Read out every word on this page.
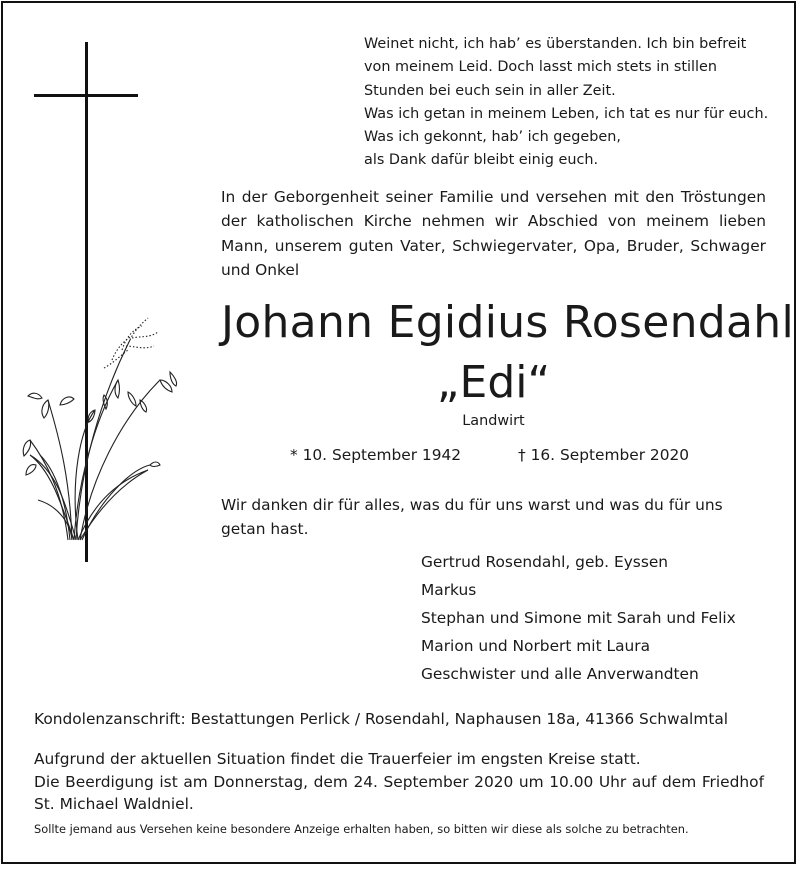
Weinet nicht, ich hab’ es überstanden. Ich bin befreit
von meinem Leid. Doch lasst mich stets in stillen
Stunden bei euch sein in aller Zeit.
Was ich getan in meinem Leben, ich tat es nur für euch.
Was ich gekonnt, hab’ ich gegeben,
als Dank dafür bleibt einig euch.
In der Geborgenheit seiner Familie und versehen mit den Tröstungen der katholischen Kirche nehmen wir Abschied von meinem lieben Mann, unserem guten Vater, Schwiegervater, Opa, Bruder, Schwager und Onkel
Johann Egidius Rosendahl
„Edi“
Landwirt
* 10. September 1942	† 16. September 2020
Wir danken dir für alles, was du für uns warst und was du für uns getan hast.
Gertrud Rosendahl, geb. Eyssen
Markus
Stephan und Simone mit Sarah und Felix
Marion und Norbert mit Laura
Geschwister und alle Anverwandten
Kondolenzanschrift: Bestattungen Perlick / Rosendahl, Naphausen 18a, 41366 Schwalmtal
Aufgrund der aktuellen Situation findet die Trauerfeier im engsten Kreise statt.
Die Beerdigung ist am Donnerstag, dem 24. September 2020 um 10.00 Uhr auf dem Friedhof St. Michael Waldniel.
Sollte jemand aus Versehen keine besondere Anzeige erhalten haben, so bitten wir diese als solche zu betrachten.
